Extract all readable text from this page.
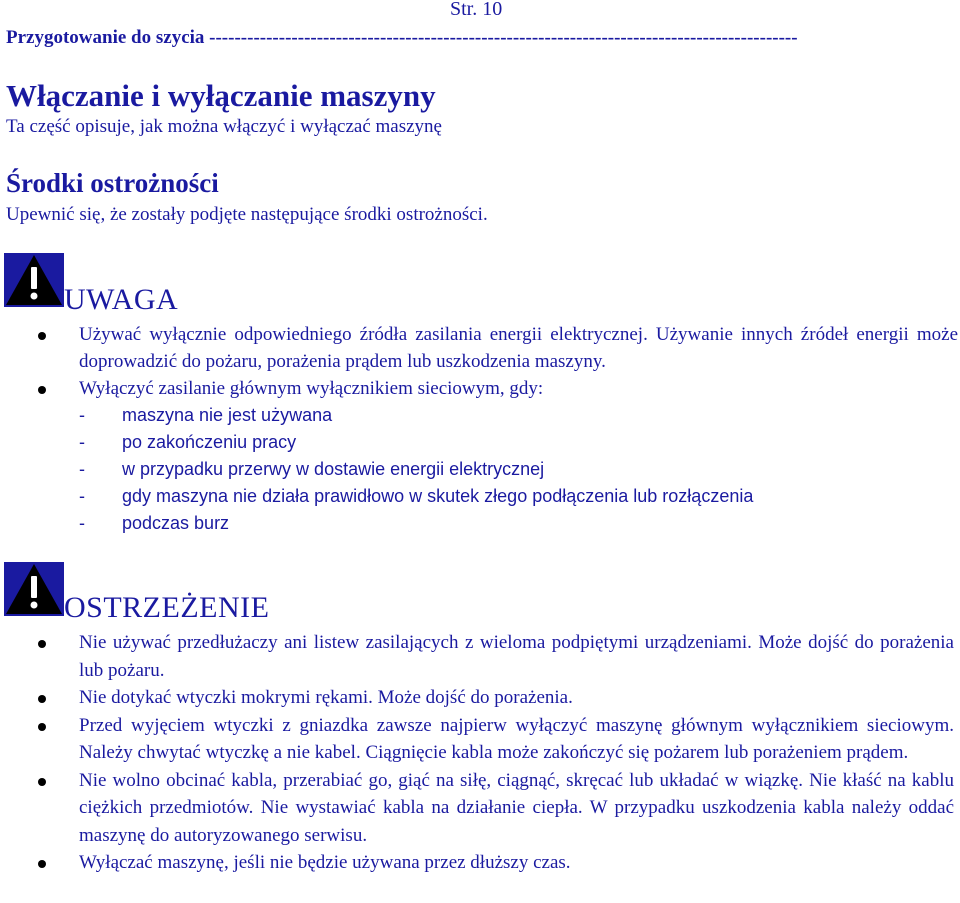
Str. 10
Przygotowanie do szycia ---------------------------------------------------------------------------------------------
Włączanie i wyłączanie maszyny
Ta część opisuje, jak można włączyć i wyłączać maszynę
Środki ostrożności
Upewnić się, że zostały podjęte następujące środki ostrożności.
UWAGA
Używać wyłącznie odpowiedniego źródła zasilania energii elektrycznej. Używanie innych źródeł energii może doprowadzić do pożaru, porażenia prądem lub uszkodzenia maszyny.
Wyłączyć zasilanie głównym wyłącznikiem sieciowym, gdy:
- maszyna nie jest używana
- po zakończeniu pracy
- w przypadku przerwy w dostawie energii elektrycznej
- gdy maszyna nie działa prawidłowo w skutek złego podłączenia lub rozłączenia
- podczas burz
OSTRZEŻENIE
Nie używać przedłużaczy ani listew zasilających z wieloma podpiętymi urządzeniami. Może dojść do porażenia lub pożaru.
Nie dotykać wtyczki mokrymi rękami. Może dojść do porażenia.
Przed wyjęciem wtyczki z gniazdka zawsze najpierw wyłączyć maszynę głównym wyłącznikiem sieciowym. Należy chwytać wtyczkę a nie kabel. Ciągnięcie kabla może zakończyć się pożarem lub porażeniem prądem.
Nie wolno obcinać kabla, przerabiać go, giąć na siłę, ciągnąć, skręcać lub układać w wiązkę. Nie kłaść na kablu ciężkich przedmiotów. Nie wystawiać kabla na działanie ciepła. W przypadku uszkodzenia kabla należy oddać maszynę do autoryzowanego serwisu.
Wyłączać maszynę, jeśli nie będzie używana przez dłuższy czas.
